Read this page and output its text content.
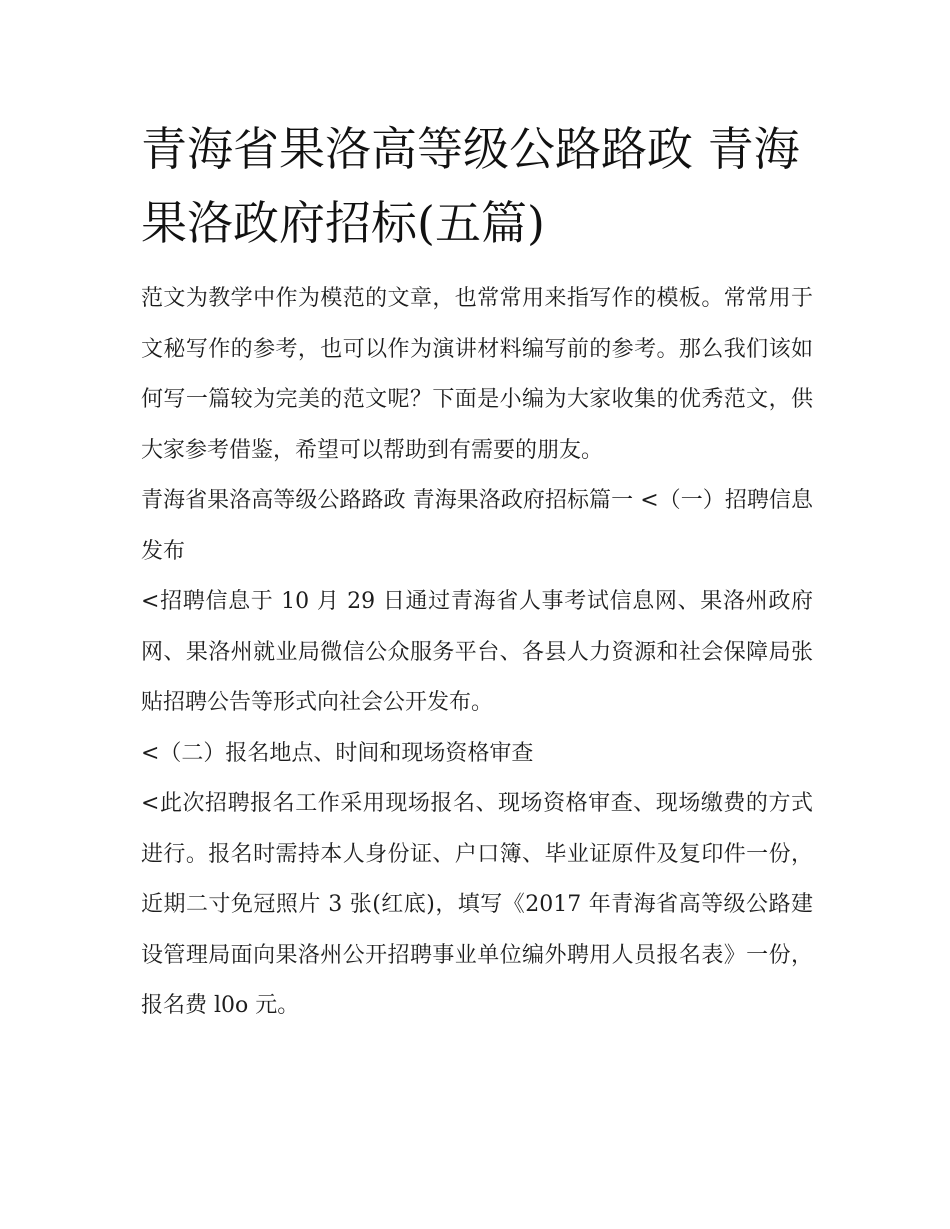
青海省果洛高等级公路路政 青海果洛政府招标(五篇)

范文为教学中作为模范的文章，也常常用来指写作的模板。常常用于文秘写作的参考，也可以作为演讲材料编写前的参考。那么我们该如何写一篇较为完美的范文呢？下面是小编为大家收集的优秀范文，供大家参考借鉴，希望可以帮助到有需要的朋友。

青海省果洛高等级公路路政 青海果洛政府招标篇一 <（一）招聘信息发布

<招聘信息于 10 月 29 日通过青海省人事考试信息网、果洛州政府网、果洛州就业局微信公众服务平台、各县人力资源和社会保障局张贴招聘公告等形式向社会公开发布。

<（二）报名地点、时间和现场资格审查

<此次招聘报名工作采用现场报名、现场资格审查、现场缴费的方式进行。报名时需持本人身份证、户口簿、毕业证原件及复印件一份，近期二寸免冠照片 3 张(红底)，填写《2017 年青海省高等级公路建设管理局面向果洛州公开招聘事业单位编外聘用人员报名表》一份，报名费 l0o 元。
